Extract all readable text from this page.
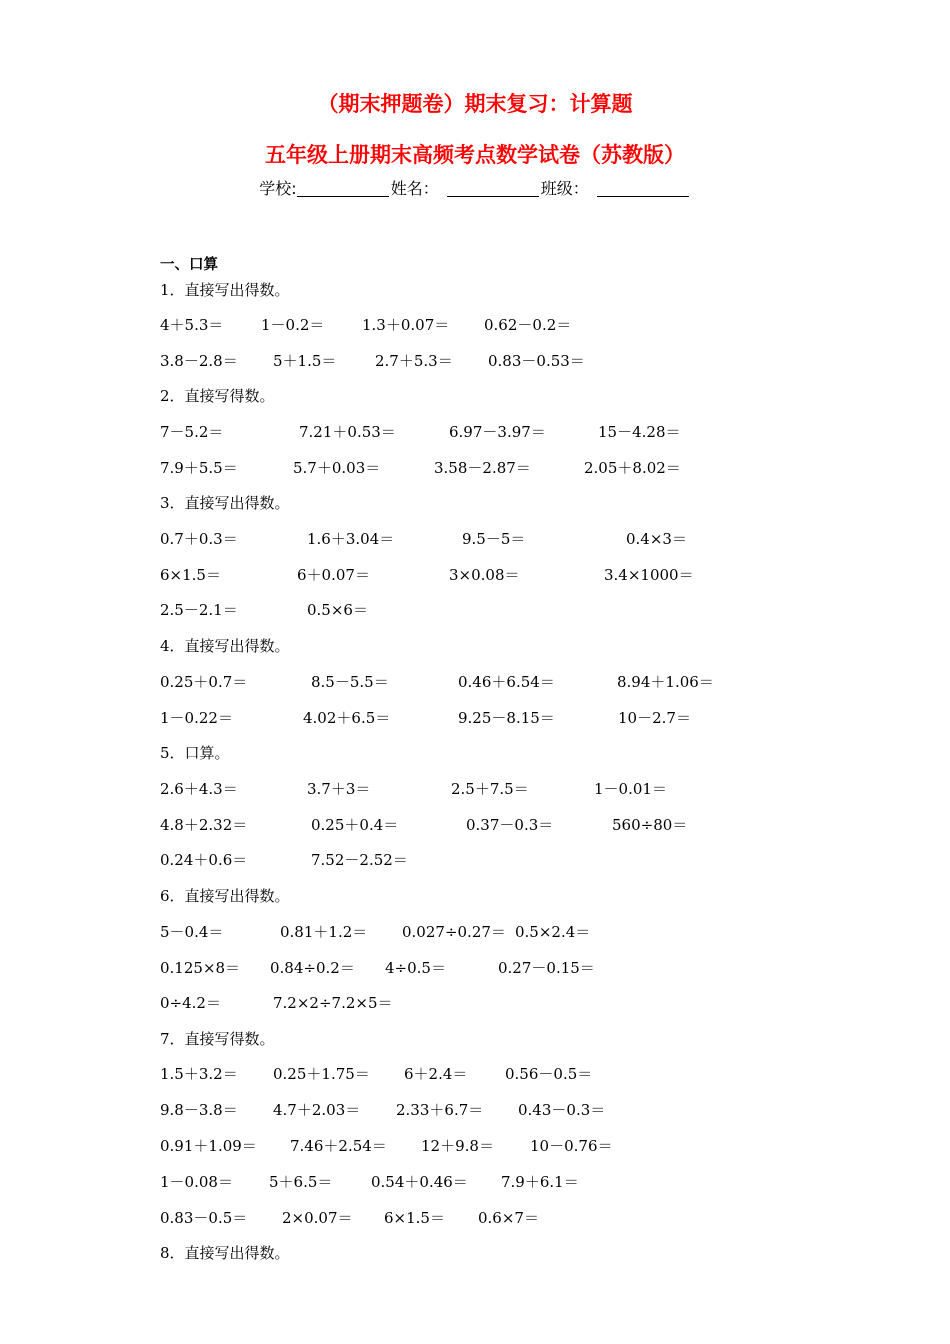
（期末押题卷）期末复习：计算题
五年级上册期末高频考点数学试卷（苏教版）
学校:	姓名：	班级：
一、口算
1．直接写出得数。
4＋5.3＝	1－0.2＝	1.3＋0.07＝ 0.62－0.2＝
3.8－2.8＝ 5＋1.5＝	2.7＋5.3＝ 0.83－0.53＝
2．直接写得数。
7－5.2＝	7.21＋0.53＝	6.97－3.97＝	15－4.28＝
7.9＋5.5＝	5.7＋0.03＝	3.58－2.87＝	2.05＋8.02＝
3．直接写出得数。
0.7＋0.3＝	1.6＋3.04＝	9.5－5＝	0.4×3＝
6×1.5＝	6＋0.07＝	3×0.08＝	3.4×1000＝
2.5－2.1＝	0.5×6＝
4．直接写出得数。
0.25＋0.7＝	8.5－5.5＝	0.46＋6.54＝	8.94＋1.06＝
1－0.22＝	4.02＋6.5＝	9.25－8.15＝	10－2.7＝
5．口算。
2.6＋4.3＝	3.7＋3＝	2.5＋7.5＝	1－0.01＝
4.8＋2.32＝	0.25＋0.4＝	0.37－0.3＝	560÷80＝
0.24＋0.6＝	7.52－2.52＝
6．直接写出得数。
5－0.4＝	0.81＋1.2＝ 0.027÷0.27＝ 0.5×2.4＝
0.125×8＝ 0.84÷0.2＝ 4÷0.5＝	0.27－0.15＝
0÷4.2＝	7.2×2÷7.2×5＝
7．直接写得数。
1.5＋3.2＝ 0.25＋1.75＝ 6＋2.4＝	0.56－0.5＝
9.8－3.8＝ 4.7＋2.03＝ 2.33＋6.7＝ 0.43－0.3＝
0.91＋1.09＝ 7.46＋2.54＝ 12＋9.8＝ 10－0.76＝
1－0.08＝ 5＋6.5＝	0.54＋0.46＝ 7.9＋6.1＝
0.83－0.5＝ 2×0.07＝ 6×1.5＝ 0.6×7＝
8．直接写出得数。
